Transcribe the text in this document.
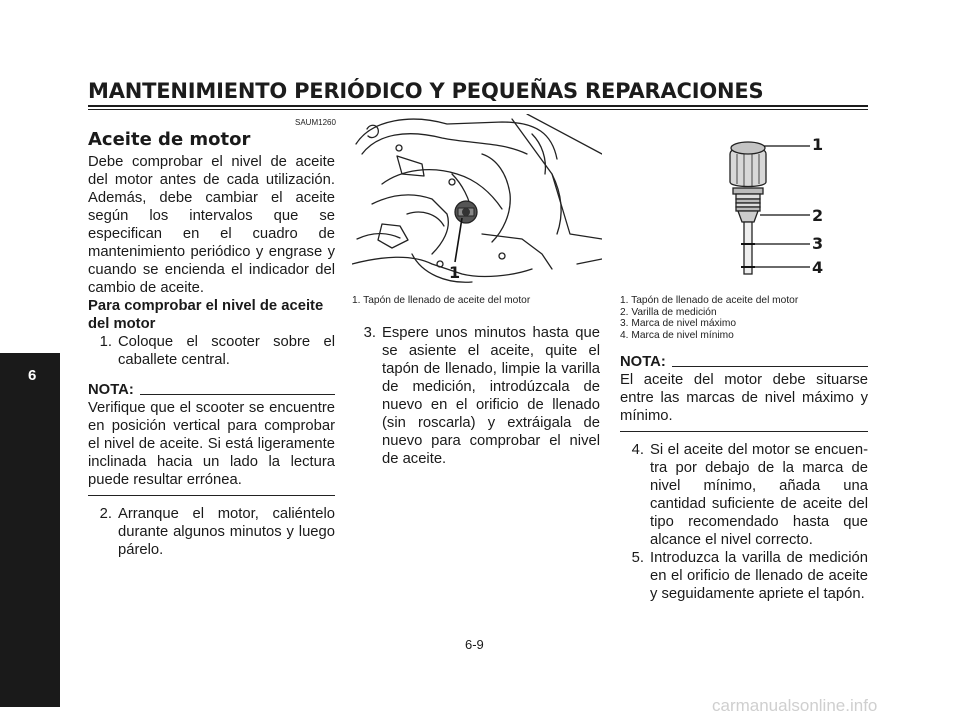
MANTENIMIENTO PERIÓDICO Y PEQUEÑAS REPARACIONES
6
SAUM1260
Aceite de motor
Debe comprobar el nivel de aceite del motor antes de cada utilización. Además, debe cambiar el aceite según los intervalos que se especifican en el cuadro de mantenimiento periódico y engrase y cuando se encienda el indicador del cambio de aceite.
Para comprobar el nivel de aceite del motor
1. Coloque el scooter sobre el caballete central.
NOTA:
Verifique que el scooter se encuentre en posición vertical para comprobar el nivel de aceite. Si está ligeramente inclinada hacia un lado la lectura puede resultar errónea.
2. Arranque el motor, caliéntelo durante algunos minutos y luego párelo.
1
1. Tapón de llenado de aceite del motor
3. Espere unos minutos hasta que se asiente el aceite, quite el tapón de llenado, limpie la varilla de medición, introdúzcala de nuevo en el orificio de llenado (sin roscarla) y extráigala de nuevo para comprobar el nivel de aceite.
1
2
3
4
1. Tapón de llenado de aceite del motor
2. Varilla de medición
3. Marca de nivel máximo
4. Marca de nivel mínimo
NOTA:
El aceite del motor debe situarse entre las marcas de nivel máximo y mínimo.
4. Si el aceite del motor se encuentra por debajo de la marca de nivel mínimo, añada una cantidad suficiente de aceite del tipo recomendado hasta que alcance el nivel correcto.
5. Introduzca la varilla de medición en el orificio de llenado de aceite y seguidamente apriete el tapón.
6-9
carmanualsonline.info
